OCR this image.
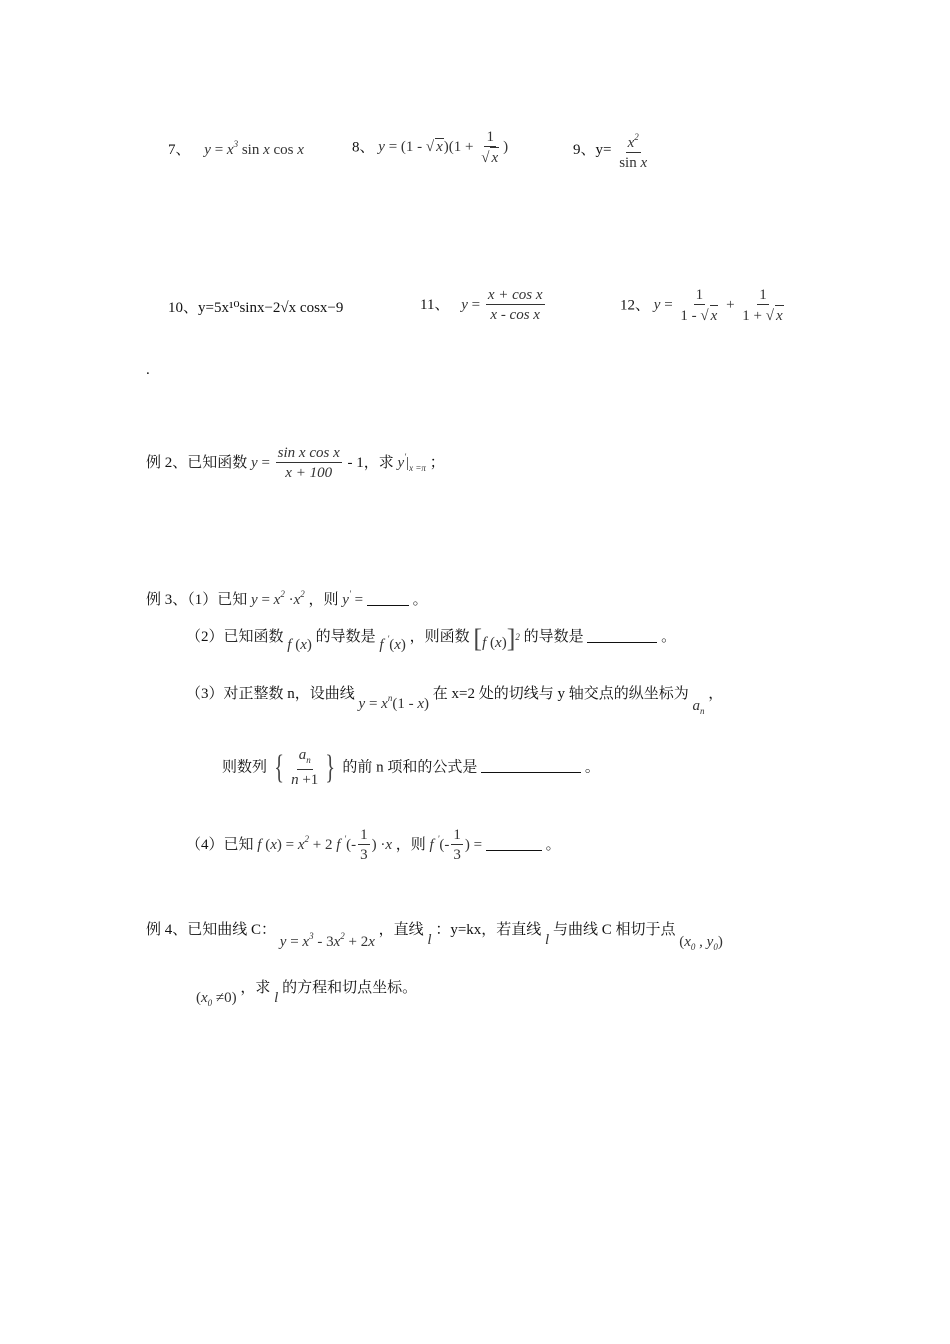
7、 $y = x^3$ sin x cos x	8、 y = (1 - √ $x)(1 + \frac{1}{√ x}$ )	9、$y= \frac{x^2}{\text{sin x}}$
10、y=5x¹⁰sinx−2√x cosx−9	11、 $y = \frac{\text{x + cos x}}{\text{x - cos x}}$	12、 $y = \frac{1}{1 - √ x} + \frac{1}{1 + √ x}$
.
例 2、已知函数 $y = \frac{\text{sin x cos x}}{x + 100} - 1$，求 $y'|_{x =\pi}$ ；
例 3、（1）已知 $y = x^2 \cdot x^2$ ，则 y' =	。
（2）已知函数 f (x) 的导数是 f '(x) ，则函数 [f (x)]$^2$ 的导数是	。
（3）对正整数 n，设曲线 $y = x^n(1 - x)$ 在 x=2 处的切线与 y 轴交点的纵坐标为 $a_n$ ，
则数列 { $\frac{a_n}{n +1}$ } 的前 n 项和的公式是	。
（4）已知 f $(x) = x^2 + 2$ f $'(- \frac{1}{3}$ ) ·x ，则 f $'(- \frac{1}{3}$ ) =	。
例 4、已知曲线 C： $y = x^3 - 3x^2 + 2x$ ，直线 l ：y=kx，若直线 l 与曲线 C 相切于点 ($x_0$ , $y_0$)
$(x_0 \ne 0)$ ，求 l 的方程和切点坐标。
